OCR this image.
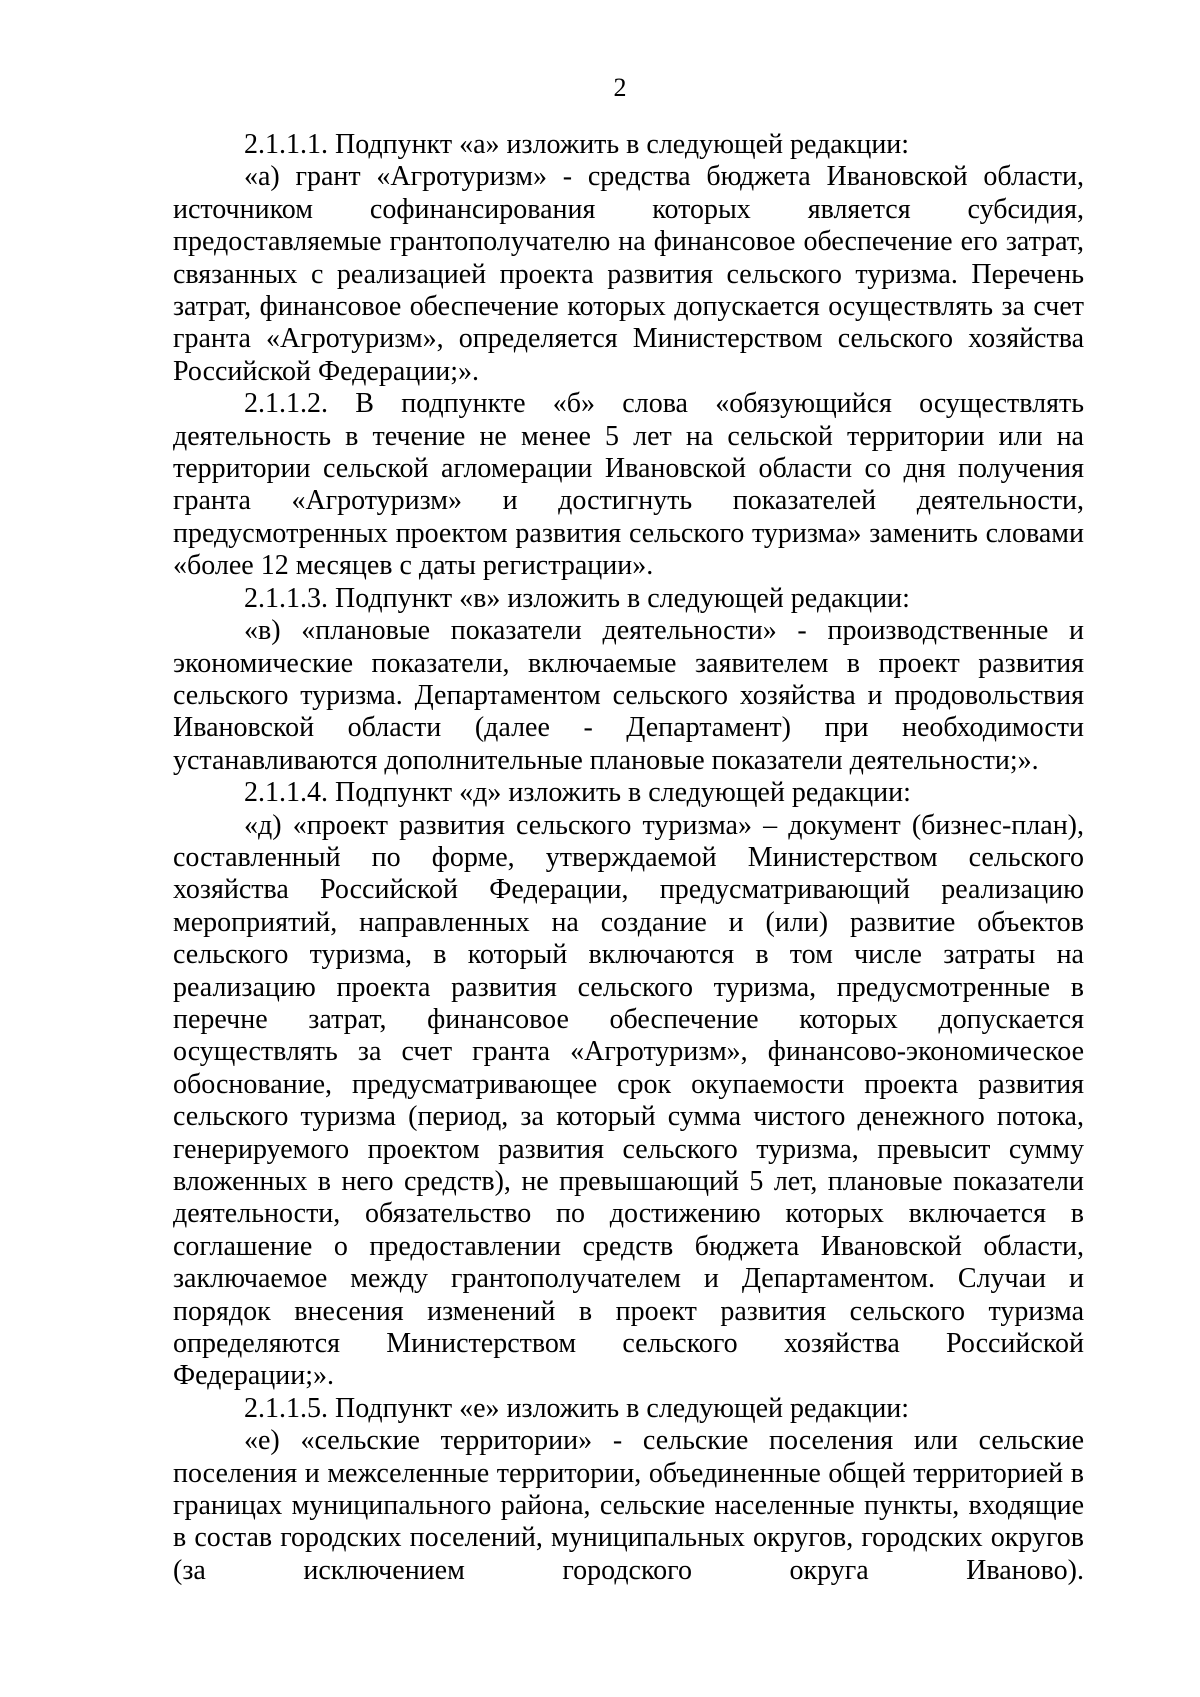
2

2.1.1.1. Подпункт «а» изложить в следующей редакции:

«а) грант «Агротуризм» - средства бюджета Ивановской области, источником софинансирования которых является субсидия, предоставляемые грантополучателю на финансовое обеспечение его затрат, связанных с реализацией проекта развития сельского туризма. Перечень затрат, финансовое обеспечение которых допускается осуществлять за счет гранта «Агротуризм», определяется Министерством сельского хозяйства Российской Федерации;».

2.1.1.2. В подпункте «б» слова «обязующийся осуществлять деятельность в течение не менее 5 лет на сельской территории или на территории сельской агломерации Ивановской области со дня получения гранта «Агротуризм» и достигнуть показателей деятельности, предусмотренных проектом развития сельского туризма» заменить словами «более 12 месяцев с даты регистрации».

2.1.1.3. Подпункт «в» изложить в следующей редакции:

«в) «плановые показатели деятельности» - производственные и экономические показатели, включаемые заявителем в проект развития сельского туризма. Департаментом сельского хозяйства и продовольствия Ивановской области (далее - Департамент) при необходимости устанавливаются дополнительные плановые показатели деятельности;».

2.1.1.4. Подпункт «д» изложить в следующей редакции:

«д) «проект развития сельского туризма» – документ (бизнес-план), составленный по форме, утверждаемой Министерством сельского хозяйства Российской Федерации, предусматривающий реализацию мероприятий, направленных на создание и (или) развитие объектов сельского туризма, в который включаются в том числе затраты на реализацию проекта развития сельского туризма, предусмотренные в перечне затрат, финансовое обеспечение которых допускается осуществлять за счет гранта «Агротуризм», финансово-экономическое обоснование, предусматривающее срок окупаемости проекта развития сельского туризма (период, за который сумма чистого денежного потока, генерируемого проектом развития сельского туризма, превысит сумму вложенных в него средств), не превышающий 5 лет, плановые показатели деятельности, обязательство по достижению которых включается в соглашение о предоставлении средств бюджета Ивановской области, заключаемое между грантополучателем и Департаментом. Случаи и порядок внесения изменений в проект развития сельского туризма определяются Министерством сельского хозяйства Российской Федерации;».

2.1.1.5. Подпункт «е» изложить в следующей редакции:

«е) «сельские территории» - сельские поселения или сельские поселения и межселенные территории, объединенные общей территорией в границах муниципального района, сельские населенные пункты, входящие в состав городских поселений, муниципальных округов, городских округов (за исключением городского округа Иваново).
